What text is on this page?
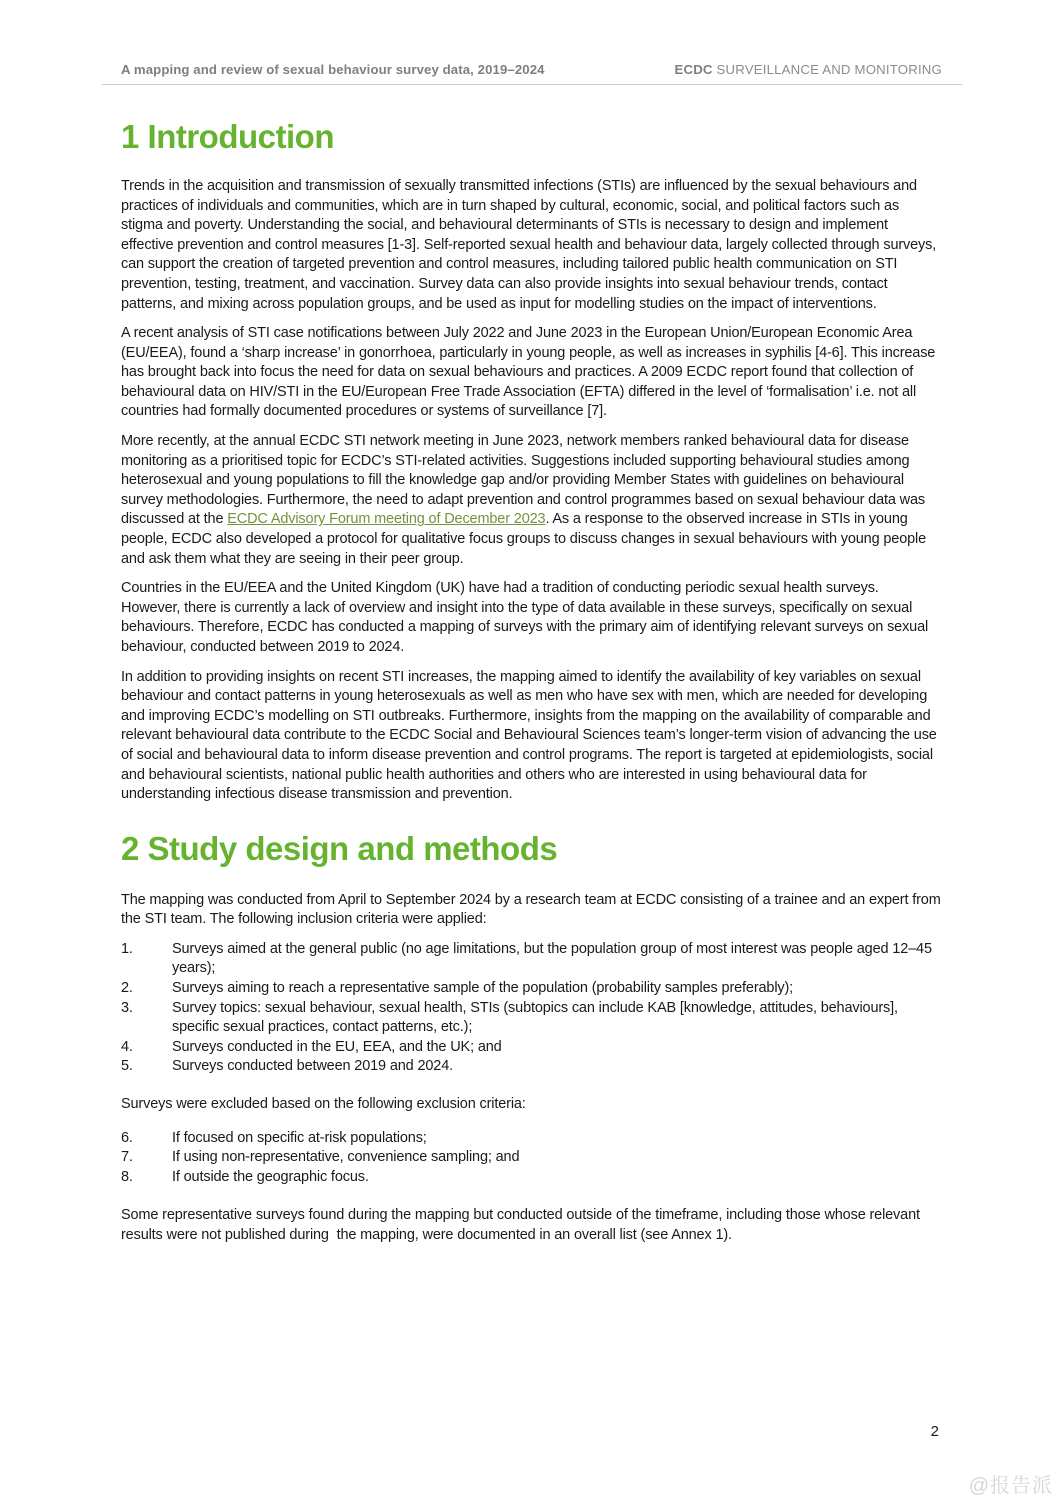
A mapping and review of sexual behaviour survey data, 2019–2024	ECDC SURVEILLANCE AND MONITORING
1 Introduction

Trends in the acquisition and transmission of sexually transmitted infections (STIs) are influenced by the sexual behaviours and practices of individuals and communities, which are in turn shaped by cultural, economic, social, and political factors such as stigma and poverty. Understanding the social, and behavioural determinants of STIs is necessary to design and implement effective prevention and control measures [1-3]. Self-reported sexual health and behaviour data, largely collected through surveys, can support the creation of targeted prevention and control measures, including tailored public health communication on STI prevention, testing, treatment, and vaccination. Survey data can also provide insights into sexual behaviour trends, contact patterns, and mixing across population groups, and be used as input for modelling studies on the impact of interventions.

A recent analysis of STI case notifications between July 2022 and June 2023 in the European Union/European Economic Area (EU/EEA), found a ‘sharp increase’ in gonorrhoea, particularly in young people, as well as increases in syphilis [4-6]. This increase has brought back into focus the need for data on sexual behaviours and practices. A 2009 ECDC report found that collection of behavioural data on HIV/STI in the EU/European Free Trade Association (EFTA) differed in the level of ‘formalisation’ i.e. not all countries had formally documented procedures or systems of surveillance [7].

More recently, at the annual ECDC STI network meeting in June 2023, network members ranked behavioural data for disease monitoring as a prioritised topic for ECDC’s STI-related activities. Suggestions included supporting behavioural studies among heterosexual and young populations to fill the knowledge gap and/or providing Member States with guidelines on behavioural survey methodologies. Furthermore, the need to adapt prevention and control programmes based on sexual behaviour data was discussed at the ECDC Advisory Forum meeting of December 2023. As a response to the observed increase in STIs in young people, ECDC also developed a protocol for qualitative focus groups to discuss changes in sexual behaviours with young people and ask them what they are seeing in their peer group.

Countries in the EU/EEA and the United Kingdom (UK) have had a tradition of conducting periodic sexual health surveys. However, there is currently a lack of overview and insight into the type of data available in these surveys, specifically on sexual behaviours. Therefore, ECDC has conducted a mapping of surveys with the primary aim of identifying relevant surveys on sexual behaviour, conducted between 2019 to 2024.

In addition to providing insights on recent STI increases, the mapping aimed to identify the availability of key variables on sexual behaviour and contact patterns in young heterosexuals as well as men who have sex with men, which are needed for developing and improving ECDC’s modelling on STI outbreaks. Furthermore, insights from the mapping on the availability of comparable and relevant behavioural data contribute to the ECDC Social and Behavioural Sciences team’s longer-term vision of advancing the use of social and behavioural data to inform disease prevention and control programs. The report is targeted at epidemiologists, social and behavioural scientists, national public health authorities and others who are interested in using behavioural data for understanding infectious disease transmission and prevention.

2 Study design and methods

The mapping was conducted from April to September 2024 by a research team at ECDC consisting of a trainee and an expert from the STI team. The following inclusion criteria were applied:

1.	Surveys aimed at the general public (no age limitations, but the population group of most interest was people aged 12–45 years);
2.	Surveys aiming to reach a representative sample of the population (probability samples preferably);
3.	Survey topics: sexual behaviour, sexual health, STIs (subtopics can include KAB [knowledge, attitudes, behaviours], specific sexual practices, contact patterns, etc.);
4.	Surveys conducted in the EU, EEA, and the UK; and
5.	Surveys conducted between 2019 and 2024.

Surveys were excluded based on the following exclusion criteria:

6.	If focused on specific at-risk populations;
7.	If using non-representative, convenience sampling; and
8.	If outside the geographic focus.

Some representative surveys found during the mapping but conducted outside of the timeframe, including those whose relevant results were not published during  the mapping, were documented in an overall list (see Annex 1).

2
@报告派
